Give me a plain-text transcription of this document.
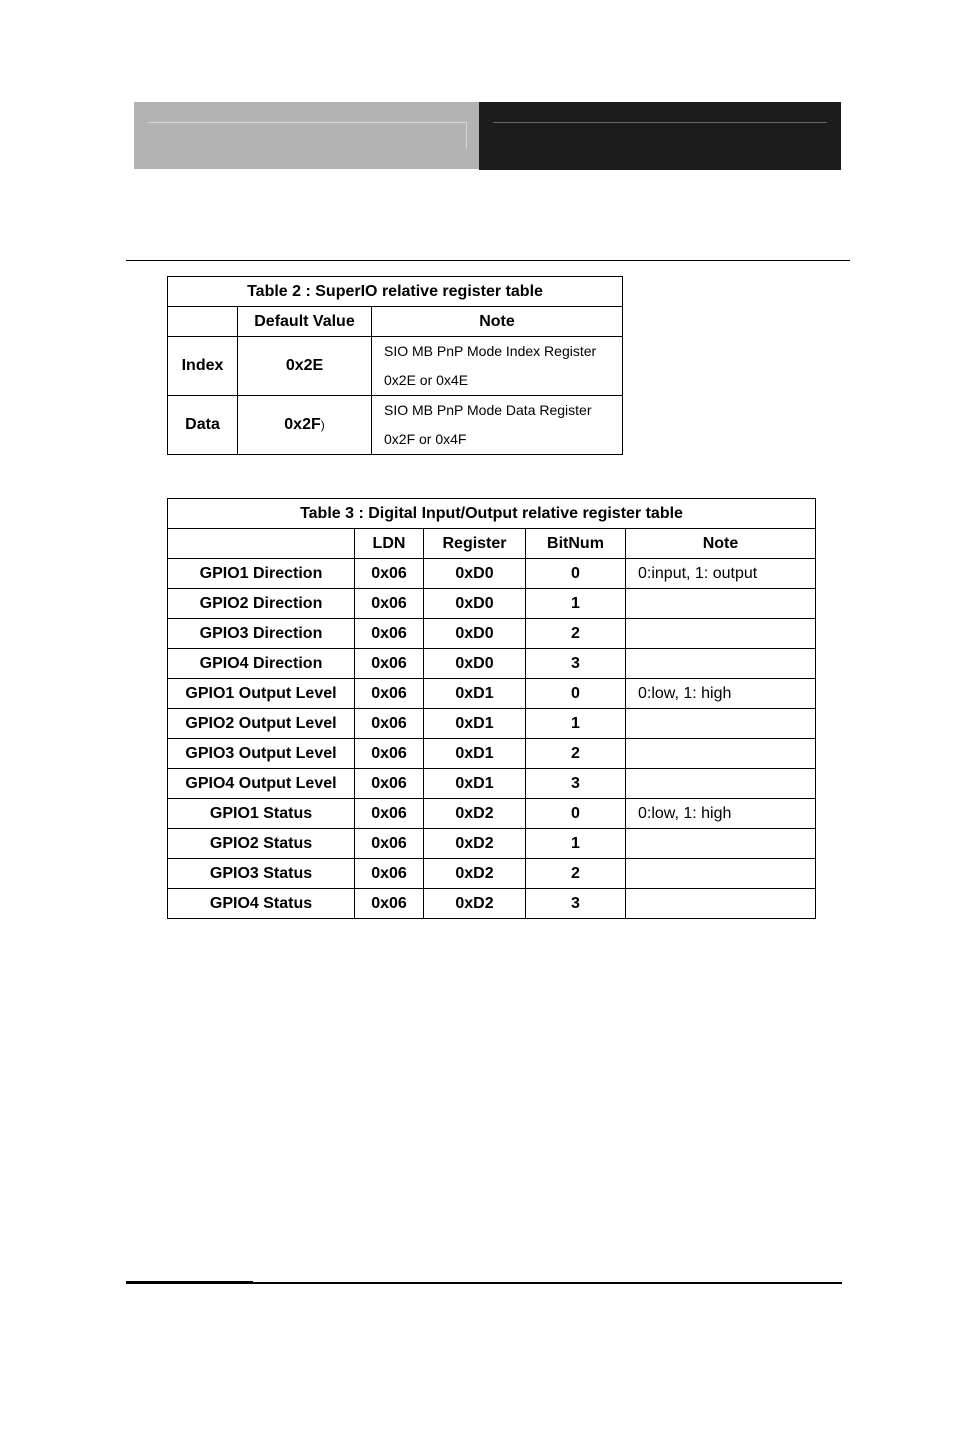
Table 2 : SuperIO relative register table		
	Default Value	Note
Index	0x2E	SIO MB PnP Mode Index Register
0x2E or 0x4E

Data	0x2F)	SIO MB PnP Mode Data Register
0x2F or 0x4F
Table 3 : Digital Input/Output relative register table				
	LDN	Register	BitNum	Note
GPIO1 Direction	0x06	0xD0	0	0:input, 1: output
GPIO2 Direction	0x06	0xD0	1	
GPIO3 Direction	0x06	0xD0	2	
GPIO4 Direction	0x06	0xD0	3	
GPIO1 Output Level	0x06	0xD1	0	0:low, 1: high
GPIO2 Output Level	0x06	0xD1	1	
GPIO3 Output Level	0x06	0xD1	2	
GPIO4 Output Level	0x06	0xD1	3	
GPIO1 Status	0x06	0xD2	0	0:low, 1: high
GPIO2 Status	0x06	0xD2	1	
GPIO3 Status	0x06	0xD2	2	
GPIO4 Status	0x06	0xD2	3	
